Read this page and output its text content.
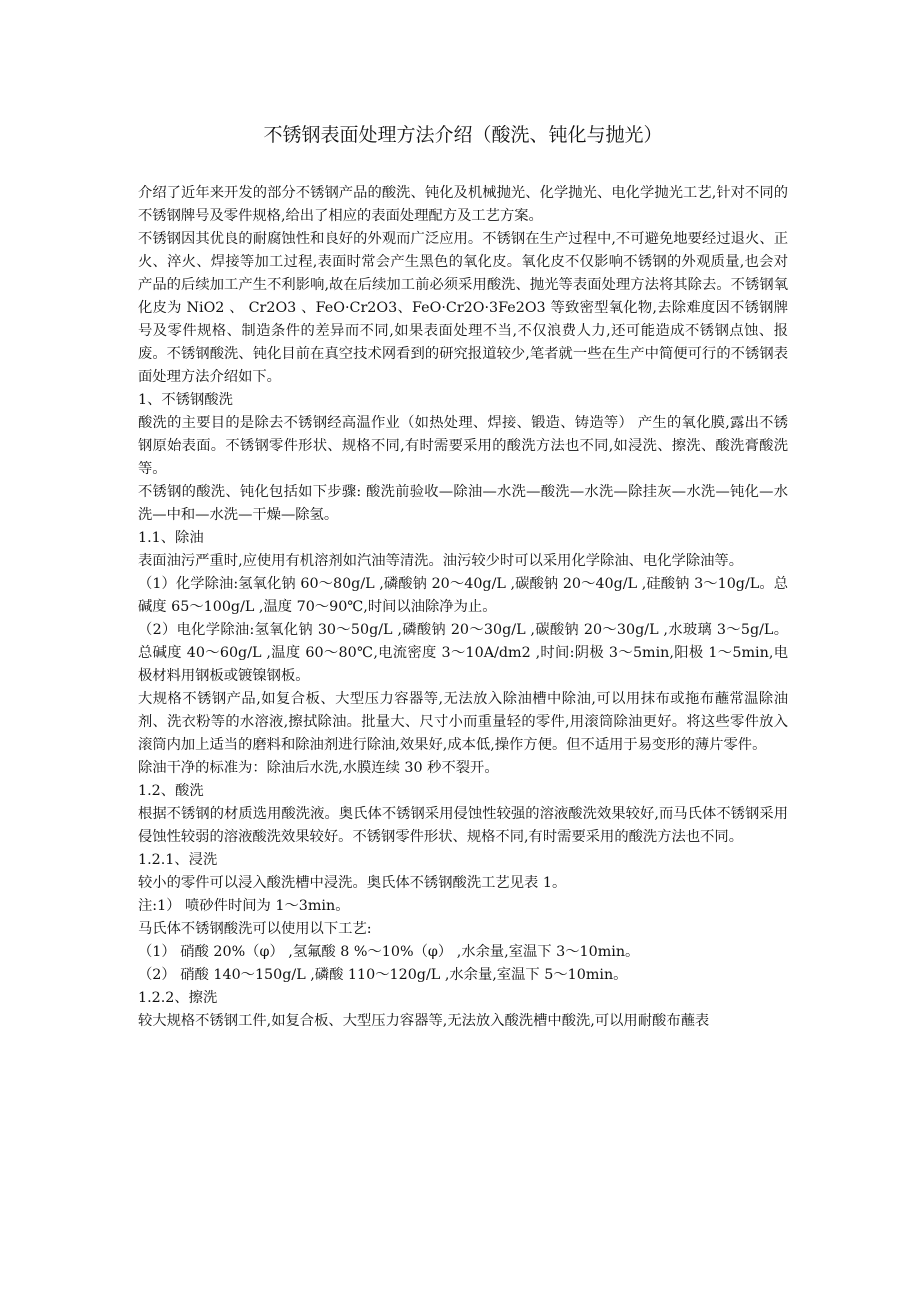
不锈钢表面处理方法介绍（酸洗、钝化与抛光）

介绍了近年来开发的部分不锈钢产品的酸洗、钝化及机械抛光、化学抛光、电化学抛光工艺,针对不同的不锈钢牌号及零件规格,给出了相应的表面处理配方及工艺方案。

不锈钢因其优良的耐腐蚀性和良好的外观而广泛应用。不锈钢在生产过程中,不可避免地要经过退火、正火、淬火、焊接等加工过程,表面时常会产生黑色的氧化皮。氧化皮不仅影响不锈钢的外观质量,也会对产品的后续加工产生不利影响,故在后续加工前必须采用酸洗、抛光等表面处理方法将其除去。不锈钢氧化皮为 NiO2 、 Cr2O3 、FeO·Cr2O3、FeO·Cr2O·3Fe2O3 等致密型氧化物,去除难度因不锈钢牌号及零件规格、制造条件的差异而不同,如果表面处理不当,不仅浪费人力,还可能造成不锈钢点蚀、报废。不锈钢酸洗、钝化目前在真空技术网看到的研究报道较少,笔者就一些在生产中简便可行的不锈钢表面处理方法介绍如下。

1、不锈钢酸洗

酸洗的主要目的是除去不锈钢经高温作业（如热处理、焊接、锻造、铸造等） 产生的氧化膜,露出不锈钢原始表面。不锈钢零件形状、规格不同,有时需要采用的酸洗方法也不同,如浸洗、擦洗、酸洗膏酸洗等。

不锈钢的酸洗、钝化包括如下步骤: 酸洗前验收—除油—水洗—酸洗—水洗—除挂灰—水洗—钝化—水洗—中和—水洗—干燥—除氢。

1.1、除油

表面油污严重时,应使用有机溶剂如汽油等清洗。油污较少时可以采用化学除油、电化学除油等。

（1）化学除油:氢氧化钠 60～80g/L ,磷酸钠 20～40g/L ,碳酸钠 20～40g/L ,硅酸钠 3～10g/L。总碱度 65～100g/L ,温度 70～90℃,时间以油除净为止。

（2）电化学除油:氢氧化钠 30～50g/L ,磷酸钠 20～30g/L ,碳酸钠 20～30g/L ,水玻璃 3～5g/L。总碱度 40～60g/L ,温度 60～80℃,电流密度 3～10A/dm2 ,时间:阴极 3～5min,阳极 1～5min,电极材料用钢板或镀镍钢板。

大规格不锈钢产品,如复合板、大型压力容器等,无法放入除油槽中除油,可以用抹布或拖布蘸常温除油剂、洗衣粉等的水溶液,擦拭除油。批量大、尺寸小而重量轻的零件,用滚筒除油更好。将这些零件放入滚筒内加上适当的磨料和除油剂进行除油,效果好,成本低,操作方便。但不适用于易变形的薄片零件。

除油干净的标准为：除油后水洗,水膜连续 30 秒不裂开。

1.2、酸洗

根据不锈钢的材质选用酸洗液。奥氏体不锈钢采用侵蚀性较强的溶液酸洗效果较好,而马氏体不锈钢采用侵蚀性较弱的溶液酸洗效果较好。不锈钢零件形状、规格不同,有时需要采用的酸洗方法也不同。

1.2.1、浸洗

较小的零件可以浸入酸洗槽中浸洗。奥氏体不锈钢酸洗工艺见表 1。

注:1） 喷砂件时间为 1～3min。

马氏体不锈钢酸洗可以使用以下工艺:

（1） 硝酸 20%（φ） ,氢氟酸 8 %～10%（φ） ,水余量,室温下 3～10min。

（2） 硝酸 140～150g/L ,磷酸 110～120g/L ,水余量,室温下 5～10min。

1.2.2、擦洗

较大规格不锈钢工件,如复合板、大型压力容器等,无法放入酸洗槽中酸洗,可以用耐酸布蘸表
